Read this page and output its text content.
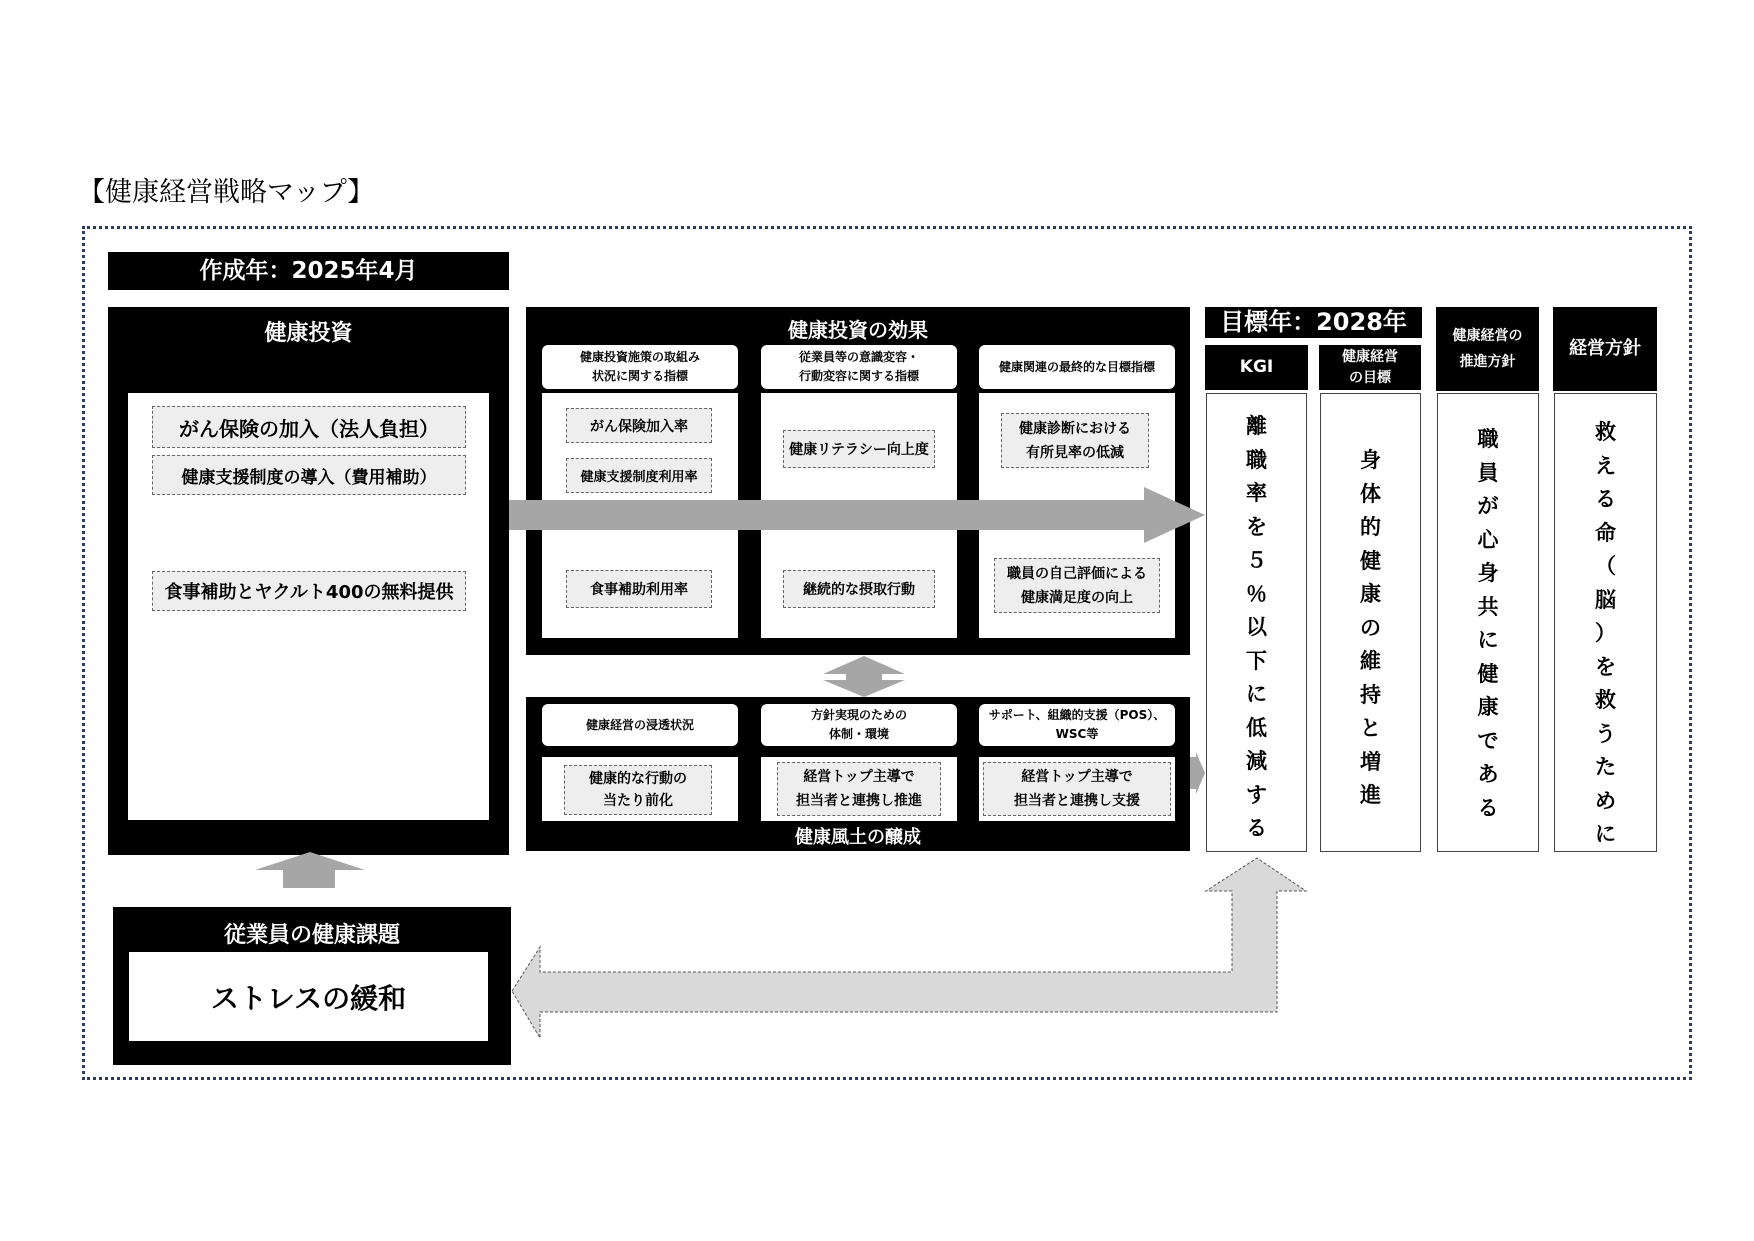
【健康経営戦略マップ】
作成年：2025年4月
健康投資
がん保険の加入（法人負担）
健康支援制度の導入（費用補助）
食事補助とヤクルト400の無料提供
健康投資の効果
健康投資施策の取組み
状況に関する指標
がん保険加入率
健康支援制度利用率
食事補助利用率
従業員等の意識変容・
行動変容に関する指標
健康リテラシー向上度
継続的な摂取行動
健康関連の最終的な目標指標
健康診断における
有所見率の低減
職員の自己評価による
健康満足度の向上
健康経営の浸透状況
健康的な行動の
当たり前化
方針実現のための
体制・環境
経営トップ主導で
担当者と連携し推進
サポート、組織的支援（POS）、
WSC等
経営トップ主導で
担当者と連携し支援
健康風土の醸成
目標年：2028年
KGI
健康経営
の目標
健康経営の
推進方針
経営方針
離
職
率
を
５
％
以
下
に
低
減
す
る
身
体
的
健
康
の
維
持
と
増
進
職
員
が
心
身
共
に
健
康
で
あ
る
救
え
る
命
（
脳
）
を
救
う
た
め
に
従業員の健康課題
ストレスの緩和
